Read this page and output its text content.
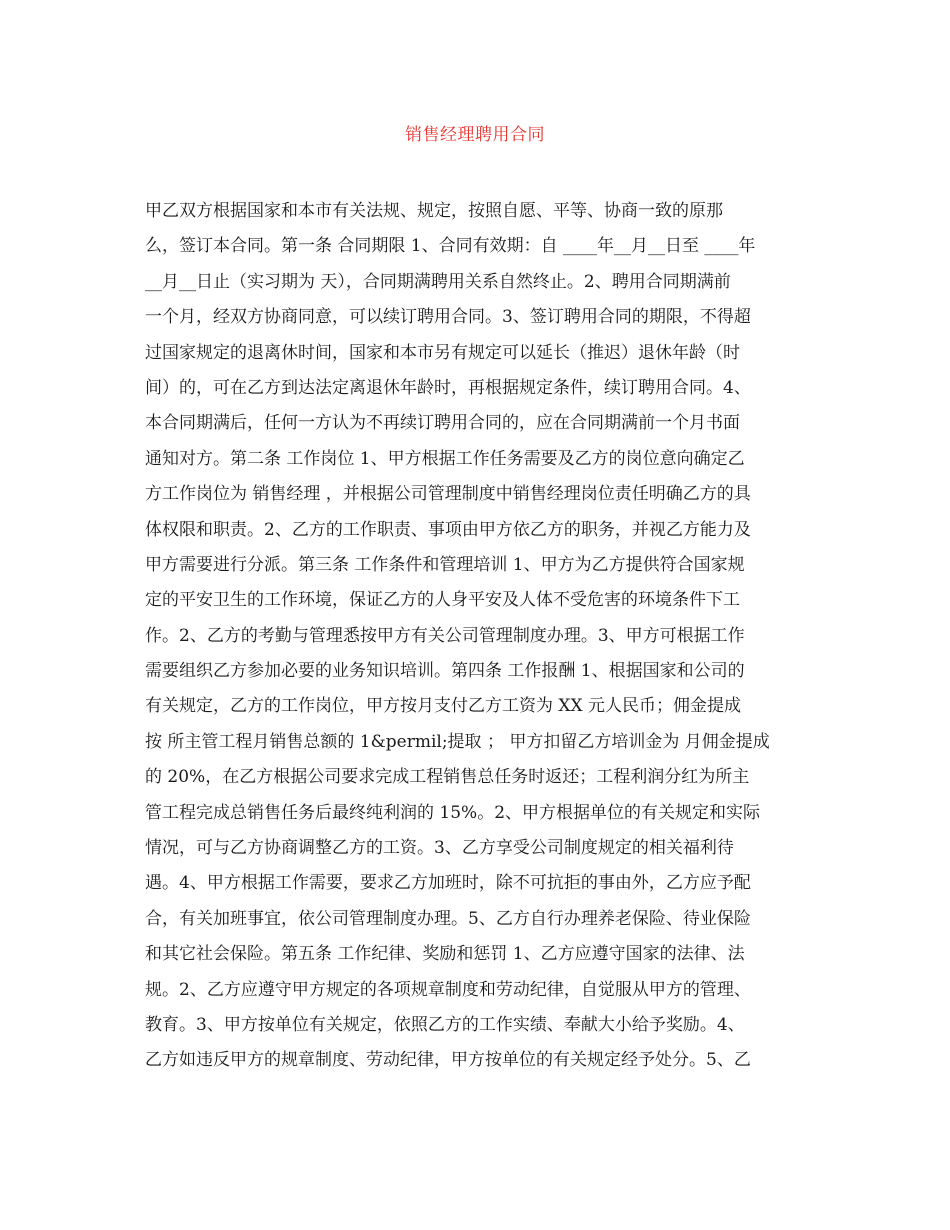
销售经理聘用合同
甲乙双方根据国家和本市有关法规、规定，按照自愿、平等、协商一致的原那
么，签订本合同。第一条 合同期限 1、合同有效期：自 ____年__月__日至 ____年
__月__日止（实习期为 天），合同期满聘用关系自然终止。2、聘用合同期满前
一个月，经双方协商同意，可以续订聘用合同。3、签订聘用合同的期限，不得超
过国家规定的退离休时间，国家和本市另有规定可以延长（推迟）退休年龄（时
间）的，可在乙方到达法定离退休年龄时，再根据规定条件，续订聘用合同。4、
本合同期满后，任何一方认为不再续订聘用合同的，应在合同期满前一个月书面
通知对方。第二条 工作岗位 1、甲方根据工作任务需要及乙方的岗位意向确定乙
方工作岗位为 销售经理 ，并根据公司管理制度中销售经理岗位责任明确乙方的具
体权限和职责。2、乙方的工作职责、事项由甲方依乙方的职务，并视乙方能力及
甲方需要进行分派。第三条 工作条件和管理培训 1、甲方为乙方提供符合国家规
定的平安卫生的工作环境，保证乙方的人身平安及人体不受危害的环境条件下工
作。2、乙方的考勤与管理悉按甲方有关公司管理制度办理。3、甲方可根据工作
需要组织乙方参加必要的业务知识培训。第四条 工作报酬 1、根据国家和公司的
有关规定，乙方的工作岗位，甲方按月支付乙方工资为 XX 元人民币；佣金提成
按 所主管工程月销售总额的 1&permil;提取 ； 甲方扣留乙方培训金为 月佣金提成
的 20%，在乙方根据公司要求完成工程销售总任务时返还；工程利润分红为所主
管工程完成总销售任务后最终纯利润的 15%。2、甲方根据单位的有关规定和实际
情况，可与乙方协商调整乙方的工资。3、乙方享受公司制度规定的相关福利待
遇。4、甲方根据工作需要，要求乙方加班时，除不可抗拒的事由外，乙方应予配
合，有关加班事宜，依公司管理制度办理。5、乙方自行办理养老保险、待业保险
和其它社会保险。第五条 工作纪律、奖励和惩罚 1、乙方应遵守国家的法律、法
规。2、乙方应遵守甲方规定的各项规章制度和劳动纪律，自觉服从甲方的管理、
教育。3、甲方按单位有关规定，依照乙方的工作实绩、奉献大小给予奖励。4、
乙方如违反甲方的规章制度、劳动纪律，甲方按单位的有关规定经予处分。5、乙
